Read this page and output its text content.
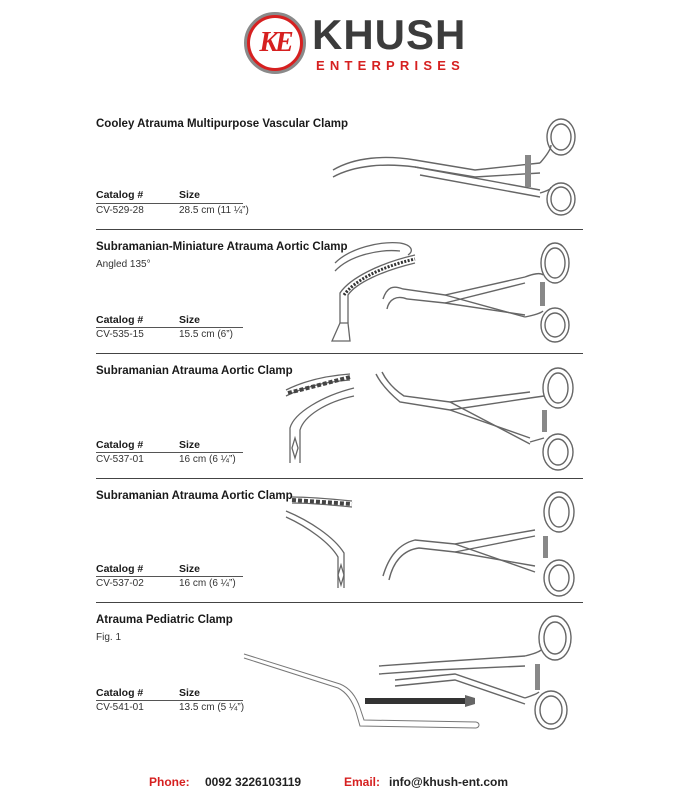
KE KHUSH
ENTERPRISES
Cooley Atrauma Multipurpose Vascular Clamp
Catalog #	Size
CV-529-28	28.5 cm (11 ¼”)
Subramanian-Miniature Atrauma Aortic Clamp
Angled 135°
Catalog #	Size
CV-535-15	15.5 cm (6”)
Subramanian Atrauma Aortic Clamp
Catalog #	Size
CV-537-01	16 cm (6 ¼”)
Subramanian Atrauma Aortic Clamp
Catalog #	Size
CV-537-02	16 cm (6 ¼”)
Atrauma Pediatric Clamp
Fig. 1
Catalog #	Size
CV-541-01	13.5 cm (5 ¼”)
Phone: 0092 3226103119	Email: info@khush-ent.com
